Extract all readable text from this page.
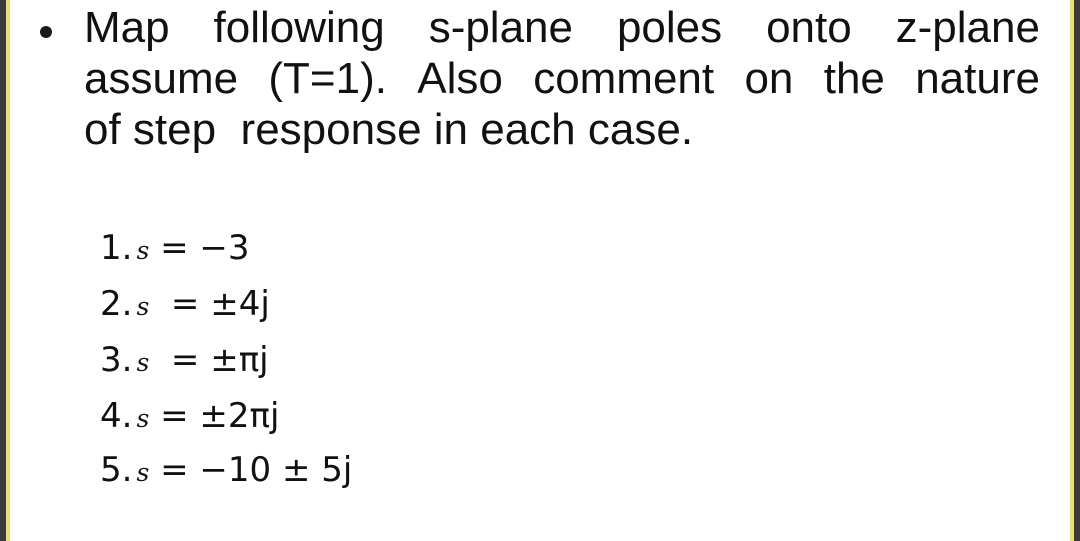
Map following s-plane poles onto z-plane
assume (T=1). Also comment on the nature
of step  response in each case.
1. s = −3
2. s = ±4j
3. s = ±πj
4. s = ±2πj
5. s = −10 ± 5j
